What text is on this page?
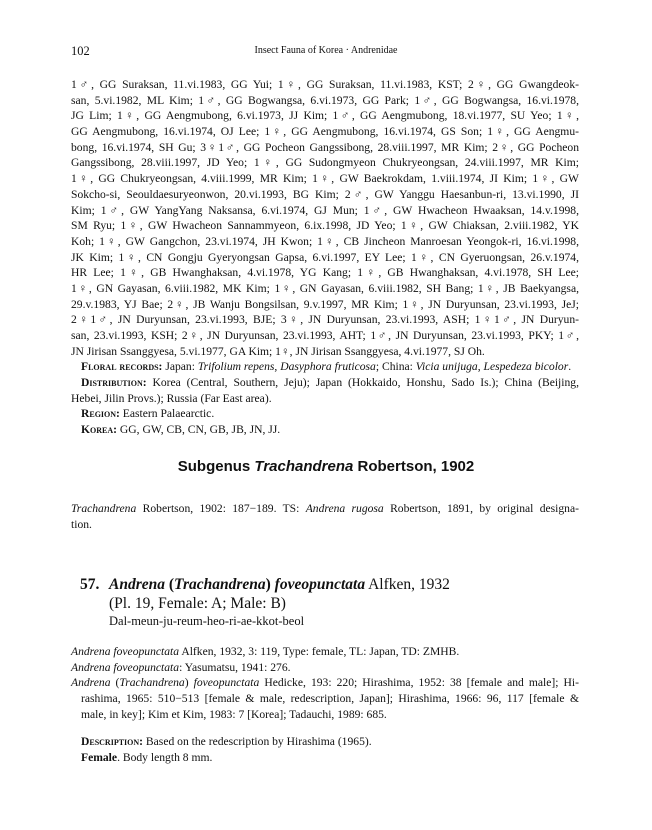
102	Insect Fauna of Korea · Andrenidae
1♂, GG Suraksan, 11.vi.1983, GG Yui; 1♀, GG Suraksan, 11.vi.1983, KST; 2♀, GG Gwangdeok-
san, 5.vi.1982, ML Kim; 1♂, GG Bogwangsa, 6.vi.1973, GG Park; 1♂, GG Bogwangsa, 16.vi.1978,
JG Lim; 1♀, GG Aengmubong, 6.vi.1973, JJ Kim; 1♂, GG Aengmubong, 18.vi.1977, SU Yeo; 1♀,
GG Aengmubong, 16.vi.1974, OJ Lee; 1♀, GG Aengmubong, 16.vi.1974, GS Son; 1♀, GG Aengmu-
bong, 16.vi.1974, SH Gu; 3♀1♂, GG Pocheon Gangssibong, 28.viii.1997, MR Kim; 2♀, GG Pocheon
Gangssibong, 28.viii.1997, JD Yeo; 1♀, GG Sudongmyeon Chukryeongsan, 24.viii.1997, MR Kim;
1♀, GG Chukryeongsan, 4.viii.1999, MR Kim; 1♀, GW Baekrokdam, 1.viii.1974, JI Kim; 1♀, GW
Sokcho-si, Seouldaesuryeonwon, 20.vi.1993, BG Kim; 2♂, GW Yanggu Haesanbun-ri, 13.vi.1990, JI
Kim; 1♂, GW YangYang Naksansa, 6.vi.1974, GJ Mun; 1♂, GW Hwacheon Hwaaksan, 14.v.1998,
SM Ryu; 1♀, GW Hwacheon Sannammyeon, 6.ix.1998, JD Yeo; 1♀, GW Chiaksan, 2.viii.1982, YK
Koh; 1♀, GW Gangchon, 23.vi.1974, JH Kwon; 1♀, CB Jincheon Manroesan Yeongok-ri, 16.vi.1998,
JK Kim; 1♀, CN Gongju Gyeryongsan Gapsa, 6.vi.1997, EY Lee; 1♀, CN Gyeruongsan, 26.v.1974,
HR Lee; 1♀, GB Hwanghaksan, 4.vi.1978, YG Kang; 1♀, GB Hwanghaksan, 4.vi.1978, SH Lee;
1♀, GN Gayasan, 6.viii.1982, MK Kim; 1♀, GN Gayasan, 6.viii.1982, SH Bang; 1♀, JB Baekyangsa,
29.v.1983, YJ Bae; 2♀, JB Wanju Bongsilsan, 9.v.1997, MR Kim; 1♀, JN Duryunsan, 23.vi.1993, JeJ;
2♀1♂, JN Duryunsan, 23.vi.1993, BJE; 3♀, JN Duryunsan, 23.vi.1993, ASH; 1♀1♂, JN Duryun-
san, 23.vi.1993, KSH; 2♀, JN Duryunsan, 23.vi.1993, AHT; 1♂, JN Duryunsan, 23.vi.1993, PKY; 1♂,
JN Jirisan Ssanggyesa, 5.vi.1977, GA Kim; 1♀, JN Jirisan Ssanggyesa, 4.vi.1977, SJ Oh.
Floral records: Japan: Trifolium repens, Dasyphora fruticosa; China: Vicia unijuga, Lespedeza bicolor.
Distribution: Korea (Central, Southern, Jeju); Japan (Hokkaido, Honshu, Sado Is.); China (Beijing,
Hebei, Jilin Provs.); Russia (Far East area).
Region: Eastern Palaearctic.
Korea: GG, GW, CB, CN, GB, JB, JN, JJ.
Subgenus Trachandrena Robertson, 1902
Trachandrena Robertson, 1902: 187−189. TS: Andrena rugosa Robertson, 1891, by original designa-
tion.
57. Andrena (Trachandrena) foveopunctata Alfken, 1932
(Pl. 19, Female: A; Male: B)
Dal-meun-ju-reum-heo-ri-ae-kkot-beol
Andrena foveopunctata Alfken, 1932, 3: 119, Type: female, TL: Japan, TD: ZMHB.
Andrena foveopunctata: Yasumatsu, 1941: 276.
Andrena (Trachandrena) foveopunctata Hedicke, 193: 220; Hirashima, 1952: 38 [female and male]; Hi-
rashima, 1965: 510−513 [female & male, redescription, Japan]; Hirashima, 1966: 96, 117 [female &
male, in key]; Kim et Kim, 1983: 7 [Korea]; Tadauchi, 1989: 685.
Description: Based on the redescription by Hirashima (1965).
Female. Body length 8 mm.
